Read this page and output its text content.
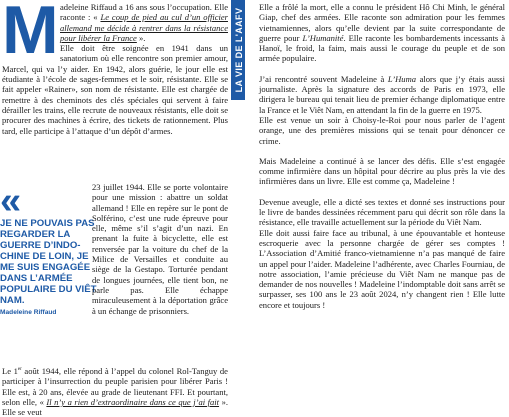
LA VIE DE L'AAFV

Madeleine Riffaud a 16 ans sous l’occupation. Elle raconte : « Le coup de pied au cul d’un officier allemand me décide à rentrer dans la résistance pour libérer la France ».

Elle doit être soignée en 1941 dans un sanatorium où elle rencontre son premier amour, Marcel, qui va l’y aider. En 1942, alors guérie, le jour elle est étudiante à l’école de sages-femmes et le soir, résistante. Elle se fait appeler «Rainer», son nom de résistante. Elle est chargée de remettre à des cheminots des clés spéciales qui servent à faire dérailler les trains, elle recrute de nouveaux résistants, elle doit se procurer des machines à écrire, des tickets de rationnement. Plus tard, elle participe à l’attaque d’un dépôt d’armes.

«
JE NE POUVAIS PAS REGARDER LA GUERRE D’INDO-CHINE DE LOIN, JE ME SUIS ENGAGÉE DANS L’ARMÉE POPULAIRE DU VIÊT NAM.
Madeleine Riffaud

23 juillet 1944. Elle se porte volontaire pour une mission : abattre un soldat allemand ! Elle en repère sur le pont de Solférino, c’est une rude épreuve pour elle, même s’il s’agit d’un nazi. En prenant la fuite à bicyclette, elle est renversée par la voiture du chef de la Milice de Versailles et conduite au siège de la Gestapo. Torturée pendant de longues journées, elle tient bon, ne parle pas. Elle échappe miraculeusement à la déportation grâce à un échange de prisonniers.

Le 1er août 1944, elle répond à l’appel du colonel Rol-Tanguy de participer à l’insurrection du peuple parisien pour libérer Paris ! Elle est, à 20 ans, élevée au grade de lieutenant FFI. Et pourtant, selon elle, « Il n’y a rien d’extraordinaire dans ce que j’ai fait ». Elle se veut

Elle a frôlé la mort, elle a connu le président Hô Chi Minh, le général Giap, chef des armées. Elle raconte son admiration pour les femmes vietnamiennes, alors qu’elle devient par la suite correspondante de guerre pour L’Humanité. Elle raconte les bombardements incessants à Hanoï, le froid, la faim, mais aussi le courage du peuple et de son armée populaire.

J’ai rencontré souvent Madeleine à L’Huma alors que j’y étais aussi journaliste. Après la signature des accords de Paris en 1973, elle dirigera le bureau qui tenait lieu de premier échange diplomatique entre la France et le Viêt Nam, en attendant la fin de la guerre en 1975.

Elle est venue un soir à Choisy-le-Roi pour nous parler de l’agent orange, une des premières missions qui se tenait pour dénoncer ce crime.

Mais Madeleine a continué à se lancer des défis. Elle s’est engagée comme infirmière dans un hôpital pour décrire au plus près la vie des infirmières dans un livre. Elle est comme ça, Madeleine !

Devenue aveugle, elle a dicté ses textes et donné ses instructions pour le livre de bandes dessinées récemment paru qui décrit son rôle dans la résistance, elle travaille actuellement sur la période du Viêt Nam.

Elle doit aussi faire face au tribunal, à une épouvantable et honteuse escroquerie avec la personne chargée de gérer ses comptes ! L’Association d’Amitié franco-vietnamienne n’a pas manqué de faire un appel pour l’aider. Madeleine l’adhérente, avec Charles Fourniau, de notre association, l’amie précieuse du Viêt Nam ne manque pas de demander de nos nouvelles ! Madeleine l’indomptable doit sans arrêt se surpasser, ses 100 ans le 23 août 2024, n’y changent rien ! Elle lutte encore et toujours !
